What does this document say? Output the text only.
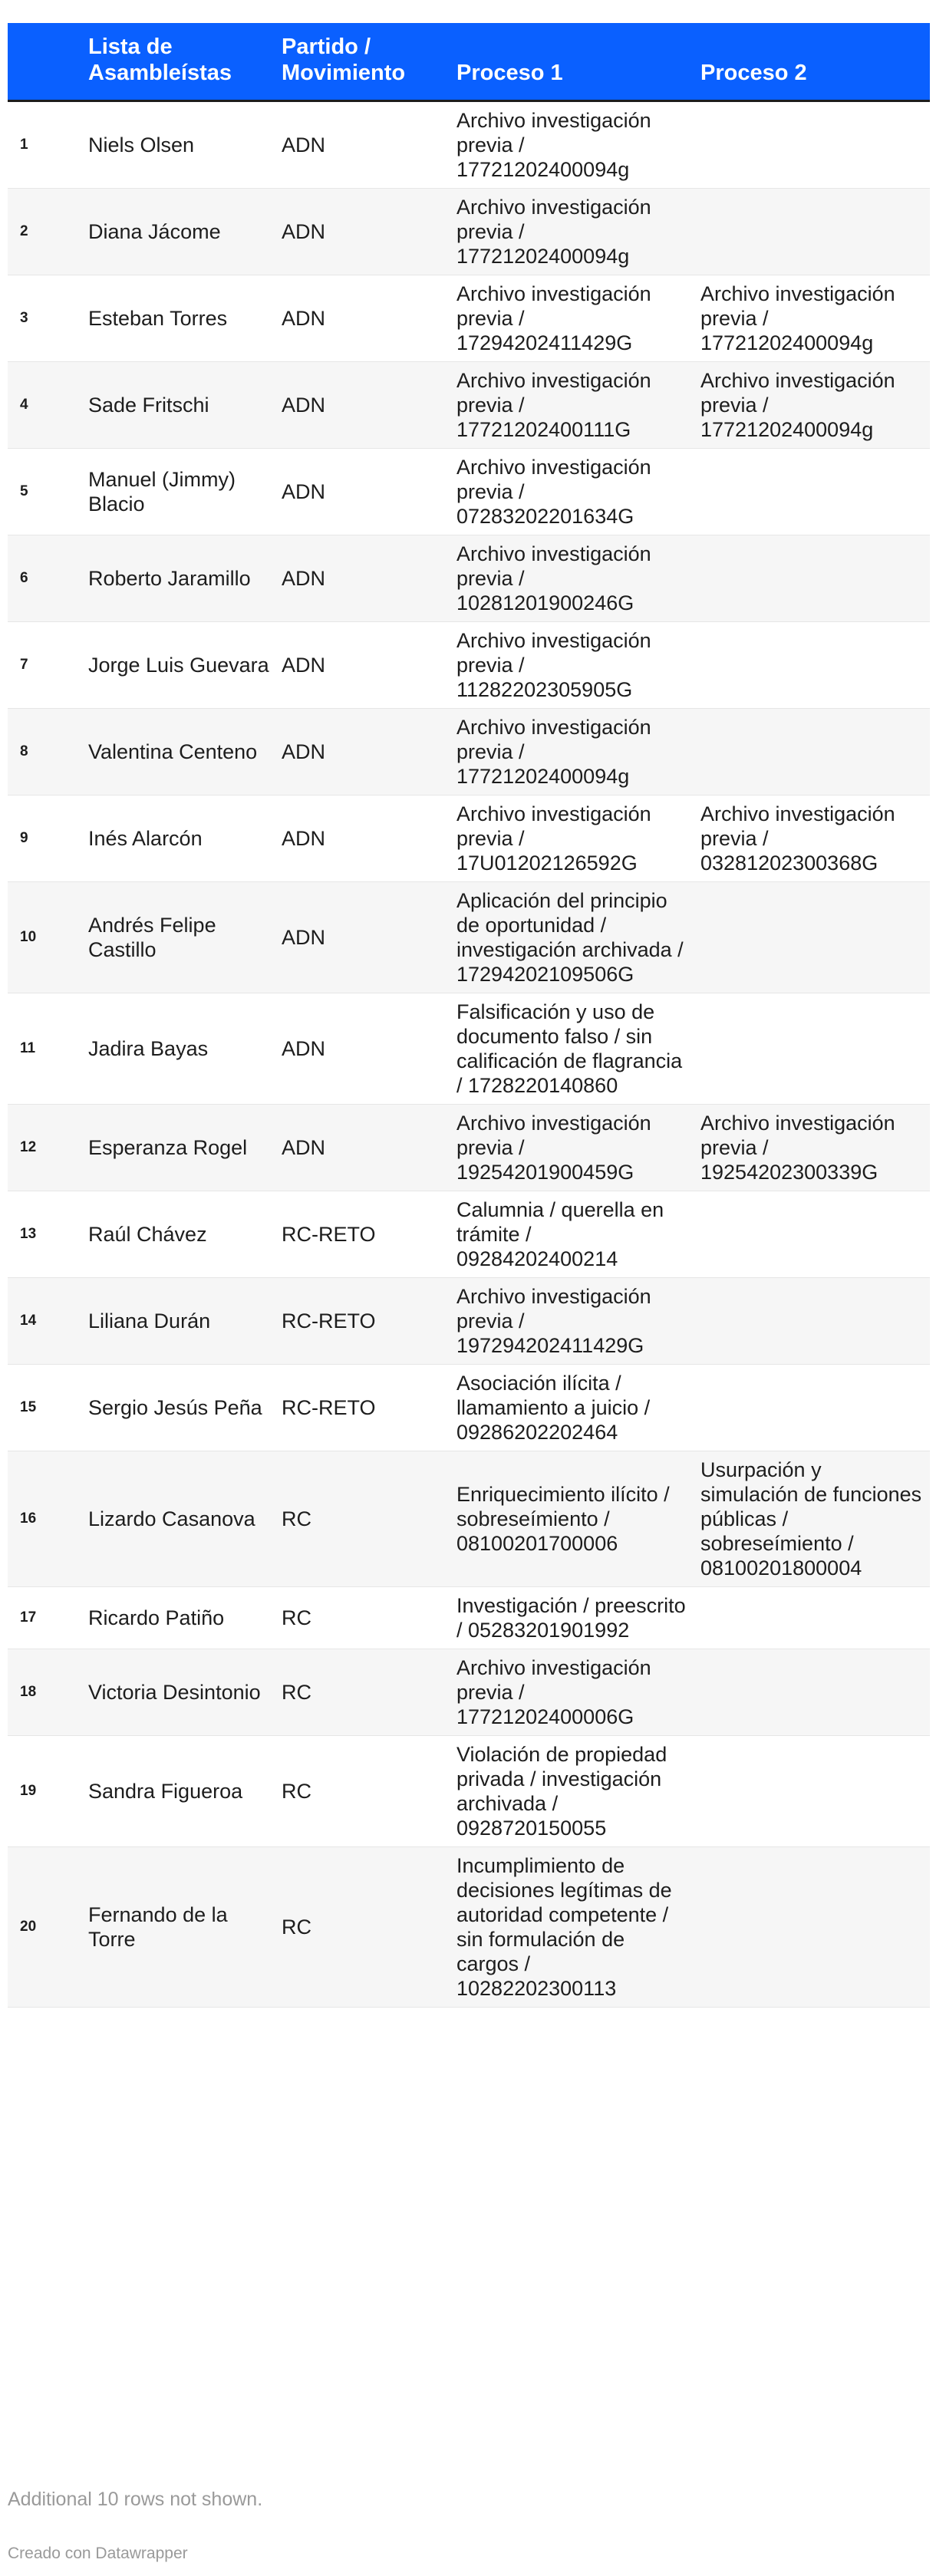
	Lista de Asambleístas	Partido / Movimiento	Proceso 1	Proceso 2
1	Niels Olsen	ADN	Archivo investigación previa / 17721202400094g	
2	Diana Jácome	ADN	Archivo investigación previa / 17721202400094g	
3	Esteban Torres	ADN	Archivo investigación previa / 17294202411429G	Archivo investigación previa / 17721202400094g
4	Sade Fritschi	ADN	Archivo investigación previa / 17721202400111G	Archivo investigación previa / 17721202400094g
5	Manuel (Jimmy) Blacio	ADN	Archivo investigación previa / 07283202201634G	
6	Roberto Jaramillo	ADN	Archivo investigación previa / 10281201900246G	
7	Jorge Luis Guevara	ADN	Archivo investigación previa / 11282202305905G	
8	Valentina Centeno	ADN	Archivo investigación previa / 17721202400094g	
9	Inés Alarcón	ADN	Archivo investigación previa / 17U01202126592G	Archivo investigación previa / 03281202300368G
10	Andrés Felipe Castillo	ADN	Aplicación del principio de oportunidad / investigación archivada / 17294202109506G	
11	Jadira Bayas	ADN	Falsificación y uso de documento falso / sin calificación de flagrancia / 1728220140860	
12	Esperanza Rogel	ADN	Archivo investigación previa / 19254201900459G	Archivo investigación previa / 19254202300339G
13	Raúl Chávez	RC-RETO	Calumnia / querella en trámite / 09284202400214	
14	Liliana Durán	RC-RETO	Archivo investigación previa / 197294202411429G	
15	Sergio Jesús Peña	RC-RETO	Asociación ilícita / llamamiento a juicio / 09286202202464	
16	Lizardo Casanova	RC	Enriquecimiento ilícito / sobreseímiento / 08100201700006	Usurpación y simulación de funciones públicas / sobreseímiento / 08100201800004
17	Ricardo Patiño	RC	Investigación / preescrito / 05283201901992	
18	Victoria Desintonio	RC	Archivo investigación previa / 17721202400006G	
19	Sandra Figueroa	RC	Violación de propiedad privada / investigación archivada / 0928720150055	
20	Fernando de la Torre	RC	Incumplimiento de decisiones legítimas de autoridad competente / sin formulación de cargos / 10282202300113	
Additional 10 rows not shown.
Creado con Datawrapper
